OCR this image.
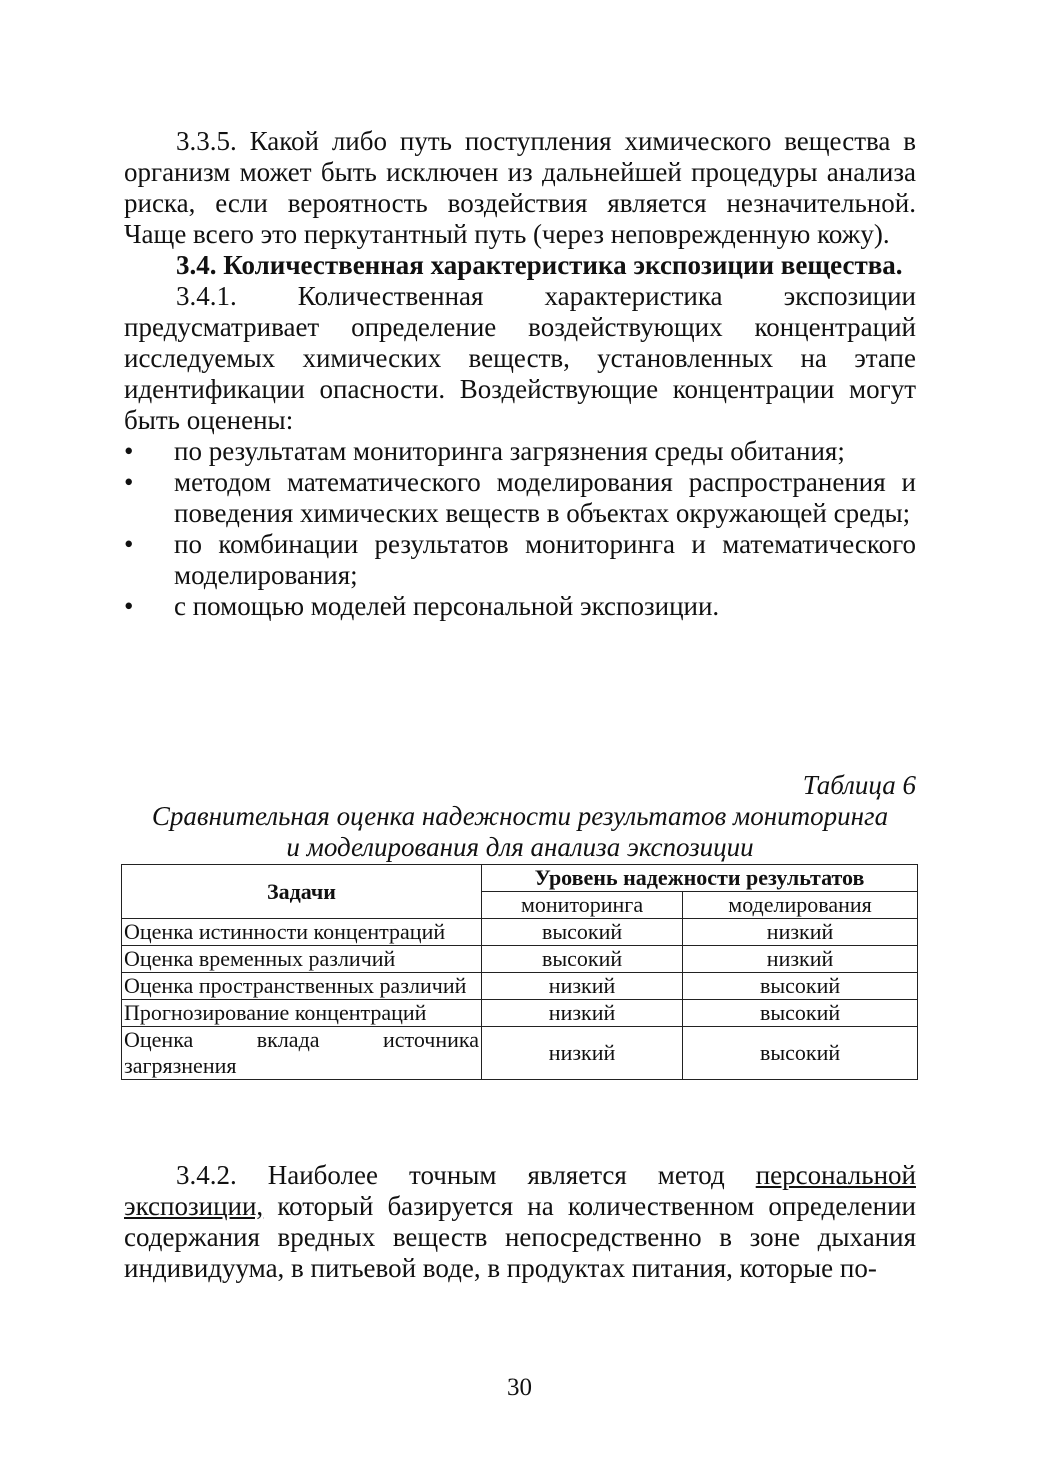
3.3.5. Какой либо путь поступления химического вещества в организм может быть исключен из дальнейшей процедуры анализа риска, если вероятность воздействия является незначительной. Чаще всего это перкутантный путь (через неповрежденную кожу).

3.4. Количественная характеристика экспозиции вещества.

3.4.1. Количественная характеристика экспозиции предусматривает определение воздействующих концентраций исследуемых химических веществ, установленных на этапе идентификации опасности. Воздействующие концентрации могут быть оценены:

• по результатам мониторинга загрязнения среды обитания;
• методом математического моделирования распространения и поведения химических веществ в объектах окружающей среды;
• по комбинации результатов мониторинга и математического моделирования;
• с помощью моделей персональной экспозиции.
Таблица 6
Сравнительная оценка надежности результатов мониторинга
и моделирования для анализа экспозиции
Задачи	Уровень надежности результатов	
	мониторинга	моделирования
Оценка истинности концентраций	высокий	низкий
Оценка временных различий	высокий	низкий
Оценка пространственных различий	низкий	высокий
Прогнозирование концентраций	низкий	высокий
Оценка вклада источника загрязнения	низкий	высокий

3.4.2. Наиболее точным является метод персональной экспозиции, который базируется на количественном определении содержания вредных веществ непосредственно в зоне дыхания индивидуума, в питьевой воде, в продуктах питания, которые по-

30
